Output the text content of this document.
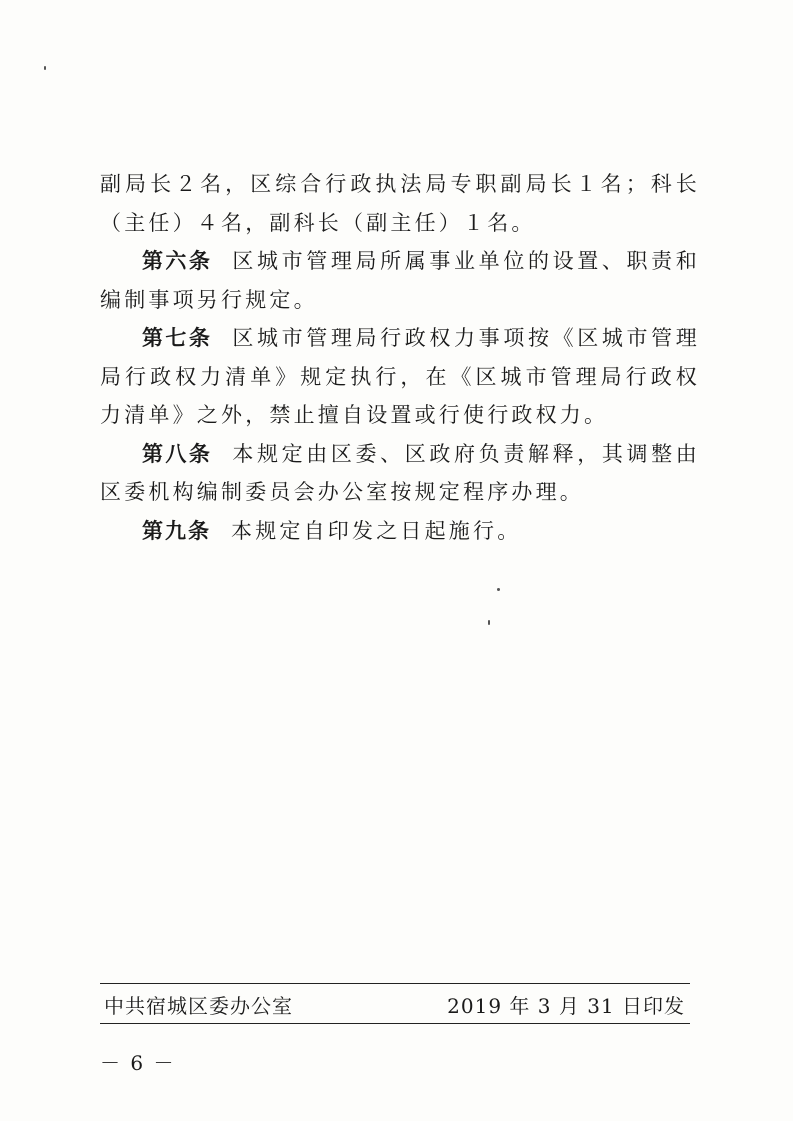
副局长２名，区综合行政执法局专职副局长１名；科长（主任）４名，副科长（副主任）１名。

第六条 区城市管理局所属事业单位的设置、职责和编制事项另行规定。

第七条 区城市管理局行政权力事项按《区城市管理局行政权力清单》规定执行，在《区城市管理局行政权力清单》之外，禁止擅自设置或行使行政权力。

第八条 本规定由区委、区政府负责解释，其调整由区委机构编制委员会办公室按规定程序办理。

第九条 本规定自印发之日起施行。

中共宿城区委办公室	2019 年 3 月 31 日印发
－ 6 －
